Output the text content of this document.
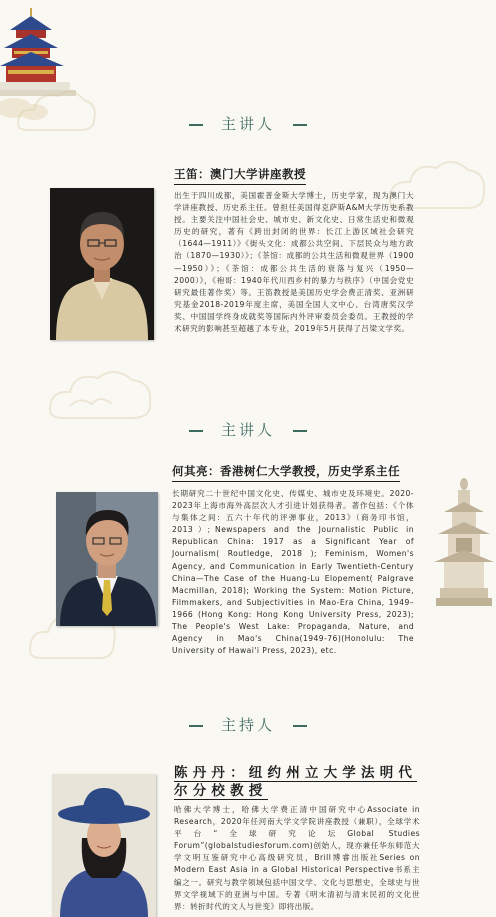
主讲人
王笛：澳门大学讲座教授

出生于四川成都，美国霍普金斯大学博士，历史学家，现为澳门大学讲座教授、历史系主任。曾担任美国得克萨斯A&M大学历史系教授。主要关注中国社会史、城市史、新文化史、日常生活史和微观历史的研究，著有《跨出封闭的世界：长江上游区域社会研究（1644—1911）》《街头文化：成都公共空间、下层民众与地方政治（1870—1930）》；《茶馆：成都的公共生活和微观世界（1900—1950）》；《茶馆：成都公共生活的衰落与复兴（1950—2000）》，《袍哥：1940年代川西乡村的暴力与秩序》（中国会党史研究最佳著作奖）等。王笛教授是美国历史学会费正清奖、亚洲研究基金2018-2019年度主席，美国全国人文中心、台湾唐奖汉学奖、中国国学终身成就奖等国际内外评审委员会委员。王教授的学术研究的影响甚至超越了本专业，2019年5月获得了吕梁文学奖。

主讲人
何其亮：香港树仁大学教授，历史学系主任

长期研究二十世纪中国文化史、传媒史、城市史及环境史。2020-2023年上海市海外高层次人才引进计划获得者。著作包括：《个体与集体之间：五六十年代的评弹事业，2013》（商务印书馆，2013）；Newspapers and the Journalistic Public in Republican China: 1917 as a Significant Year of Journalism( Routledge, 2018 ); Feminism, Women's Agency, and Communication in Early Twentieth-Century China—The Case of the Huang-Lu Elopement( Palgrave Macmillan, 2018); Working the System: Motion Picture, Filmmakers, and Subjectivities in Mao-Era China, 1949–1966 (Hong Kong: Hong Kong University Press, 2023); The People's West Lake: Propaganda, Nature, and Agency in Mao's China(1949-76)(Honolulu: The University of Hawai'i Press, 2023), etc.

主持人
陈丹丹：纽约州立大学法明代
尔分校教授

哈佛大学博士，哈佛大学费正清中国研究中心Associate in Research，2020年任河南大学文学院讲座教授（兼职），全球学术平台“全球研究论坛Global Studies Forum”(globalstudiesforum.com)创始人，现亦兼任华东师范大学文明互鉴研究中心高级研究员，Brill博睿出版社Series on Modern East Asia in a Global Historical Perspective书系主编之一。研究与教学领域包括中国文学、文化与思想史，全球史与世界文学视域下的亚洲与中国。专著《明末清初与清末民初的文化世界：转折时代的文人与世变》即将出版。
